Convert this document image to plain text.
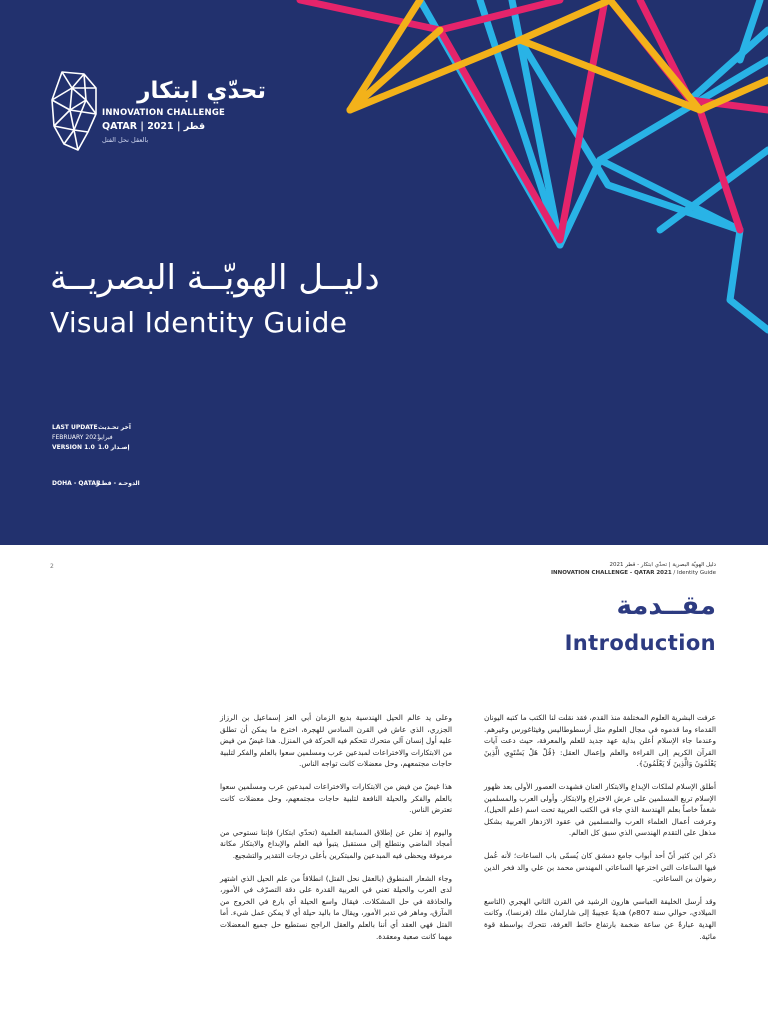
تحدّي ابتكار
INNOVATION CHALLENGE
QATAR | قطر | 2021
بالعقل نحل الفتل
دليــل الهويّــة البصريــة
Visual Identity Guide
LAST UPDATE آخر تحـديث
FEBRUARY 2021
فبراير
VERSION 1.0 إصـدار 1.0
DOHA - QATAR
الدوحـة - قطـر
2	دليل الهويّة البصرية | تحدّي ابتكار - قطر 2021
INNOVATION CHALLENGE - QATAR 2021 / Identity Guide
مقــدمة
Introduction

عرفت البشرية العلوم المختلفة منذ القدم، فقد نقلت لنا الكتب ما كتبه اليونان القدماء وما قدموه في مجال العلوم مثل أرسطوطاليس وفيثاغورس وغيرهم. وعندما جاء الإسلام أعلن بداية عهد جديد للعلم والمعرفة، حيث دعت آيات القرآن الكريم إلى القراءة والعلم وإعمال العقل: ﴿قُلْ هَلْ يَسْتَوِي الَّذِينَ يَعْلَمُونَ وَالَّذِينَ لَا يَعْلَمُونَ﴾.

أطلق الإسلام لملكات الإبداع والابتكار العنان فشهدت العصور الأولى بعد ظهور الإسلام تربع المسلمين على عرش الاختراع والابتكار. وأولى العرب والمسلمين شغفاً خاصاً بعلم الهندسة الذي جاء في الكتب العربية تحت اسم (علم الحيل)، وعرفت أعمال العلماء العرب والمسلمين في عقود الازدهار العربية بشكل مذهل على التقدم الهندسي الذي سبق كل العالم.

ذكر ابن كثير أنّ أحد أبواب جامع دمشق كان يُسمّى باب الساعات؛ لأنه عُمل فيها الساعات التي اخترعها الساعاتي المهندس محمد بن علي والد فخر الدين رضوان بن الساعاتي.

وقد أرسل الخليفة العباسي هارون الرشيد في القرن الثاني الهجري (التاسع الميلادي، حوالي سنة 807م) هديةً عجيبةً إلى شارلمان ملك (فرنسا)، وكانت الهدية عبارةً عن ساعة ضخمة بارتفاع حائط الغرفة، تتحرك بواسطة قوة مائية.

وعلى يد عالم الحيل الهندسية بديع الزمان أبي العز إسماعيل بن الرزاز الجزري، الذي عاش في القرن السادس للهجرة، اخترع ما يمكن أن تطلق عليه أول إنسان آلي متحرك تتحكم فيه الحركة في المنزل. هذا غيضٌ من فيض من الابتكارات والاختراعات لمبدعين عرب ومسلمين سعوا بالعلم والفكر لتلبية حاجات مجتمعهم، وحل معضلات كانت تواجه الناس.

هذا غيضٌ من فيض من الابتكارات والاختراعات لمبدعين عرب ومسلمين سعوا بالعلم والفكر والحيلة النافعة لتلبية حاجات مجتمعهم، وحل معضلات كانت تعترض الناس.

واليوم إذ نعلن عن إطلاق المسابقة العلمية (تحدّي ابتكار) فإننا نستوحي من أمجاد الماضي ونتطلع إلى مستقبل يتبوأ فيه العلم والإبداع والابتكار مكانة مرموقة ويحظى فيه المبدعين والمبتكرين بأعلى درجات التقدير والتشجيع.

وجاء الشعار المنطوق (بالعقل نحل الفتل) انطلاقاً من علم الحيل الذي اشتهر لدى العرب والحيلة تعني في العربية القدرة على دقة التصرّف في الأمور، والحاذقة في حل المشكلات. فيقال واسع الحيلة أي بارع في الخروج من المآزق، وماهر في تدبر الأمور، ويقال ما باليد حيلة أي لا يمكن عمل شيء. أما الفتل فهي العقد أي أننا بالعلم والعقل الراجح نستطيع حل جميع المعضلات مهما كانت صعبة ومعقدة.
